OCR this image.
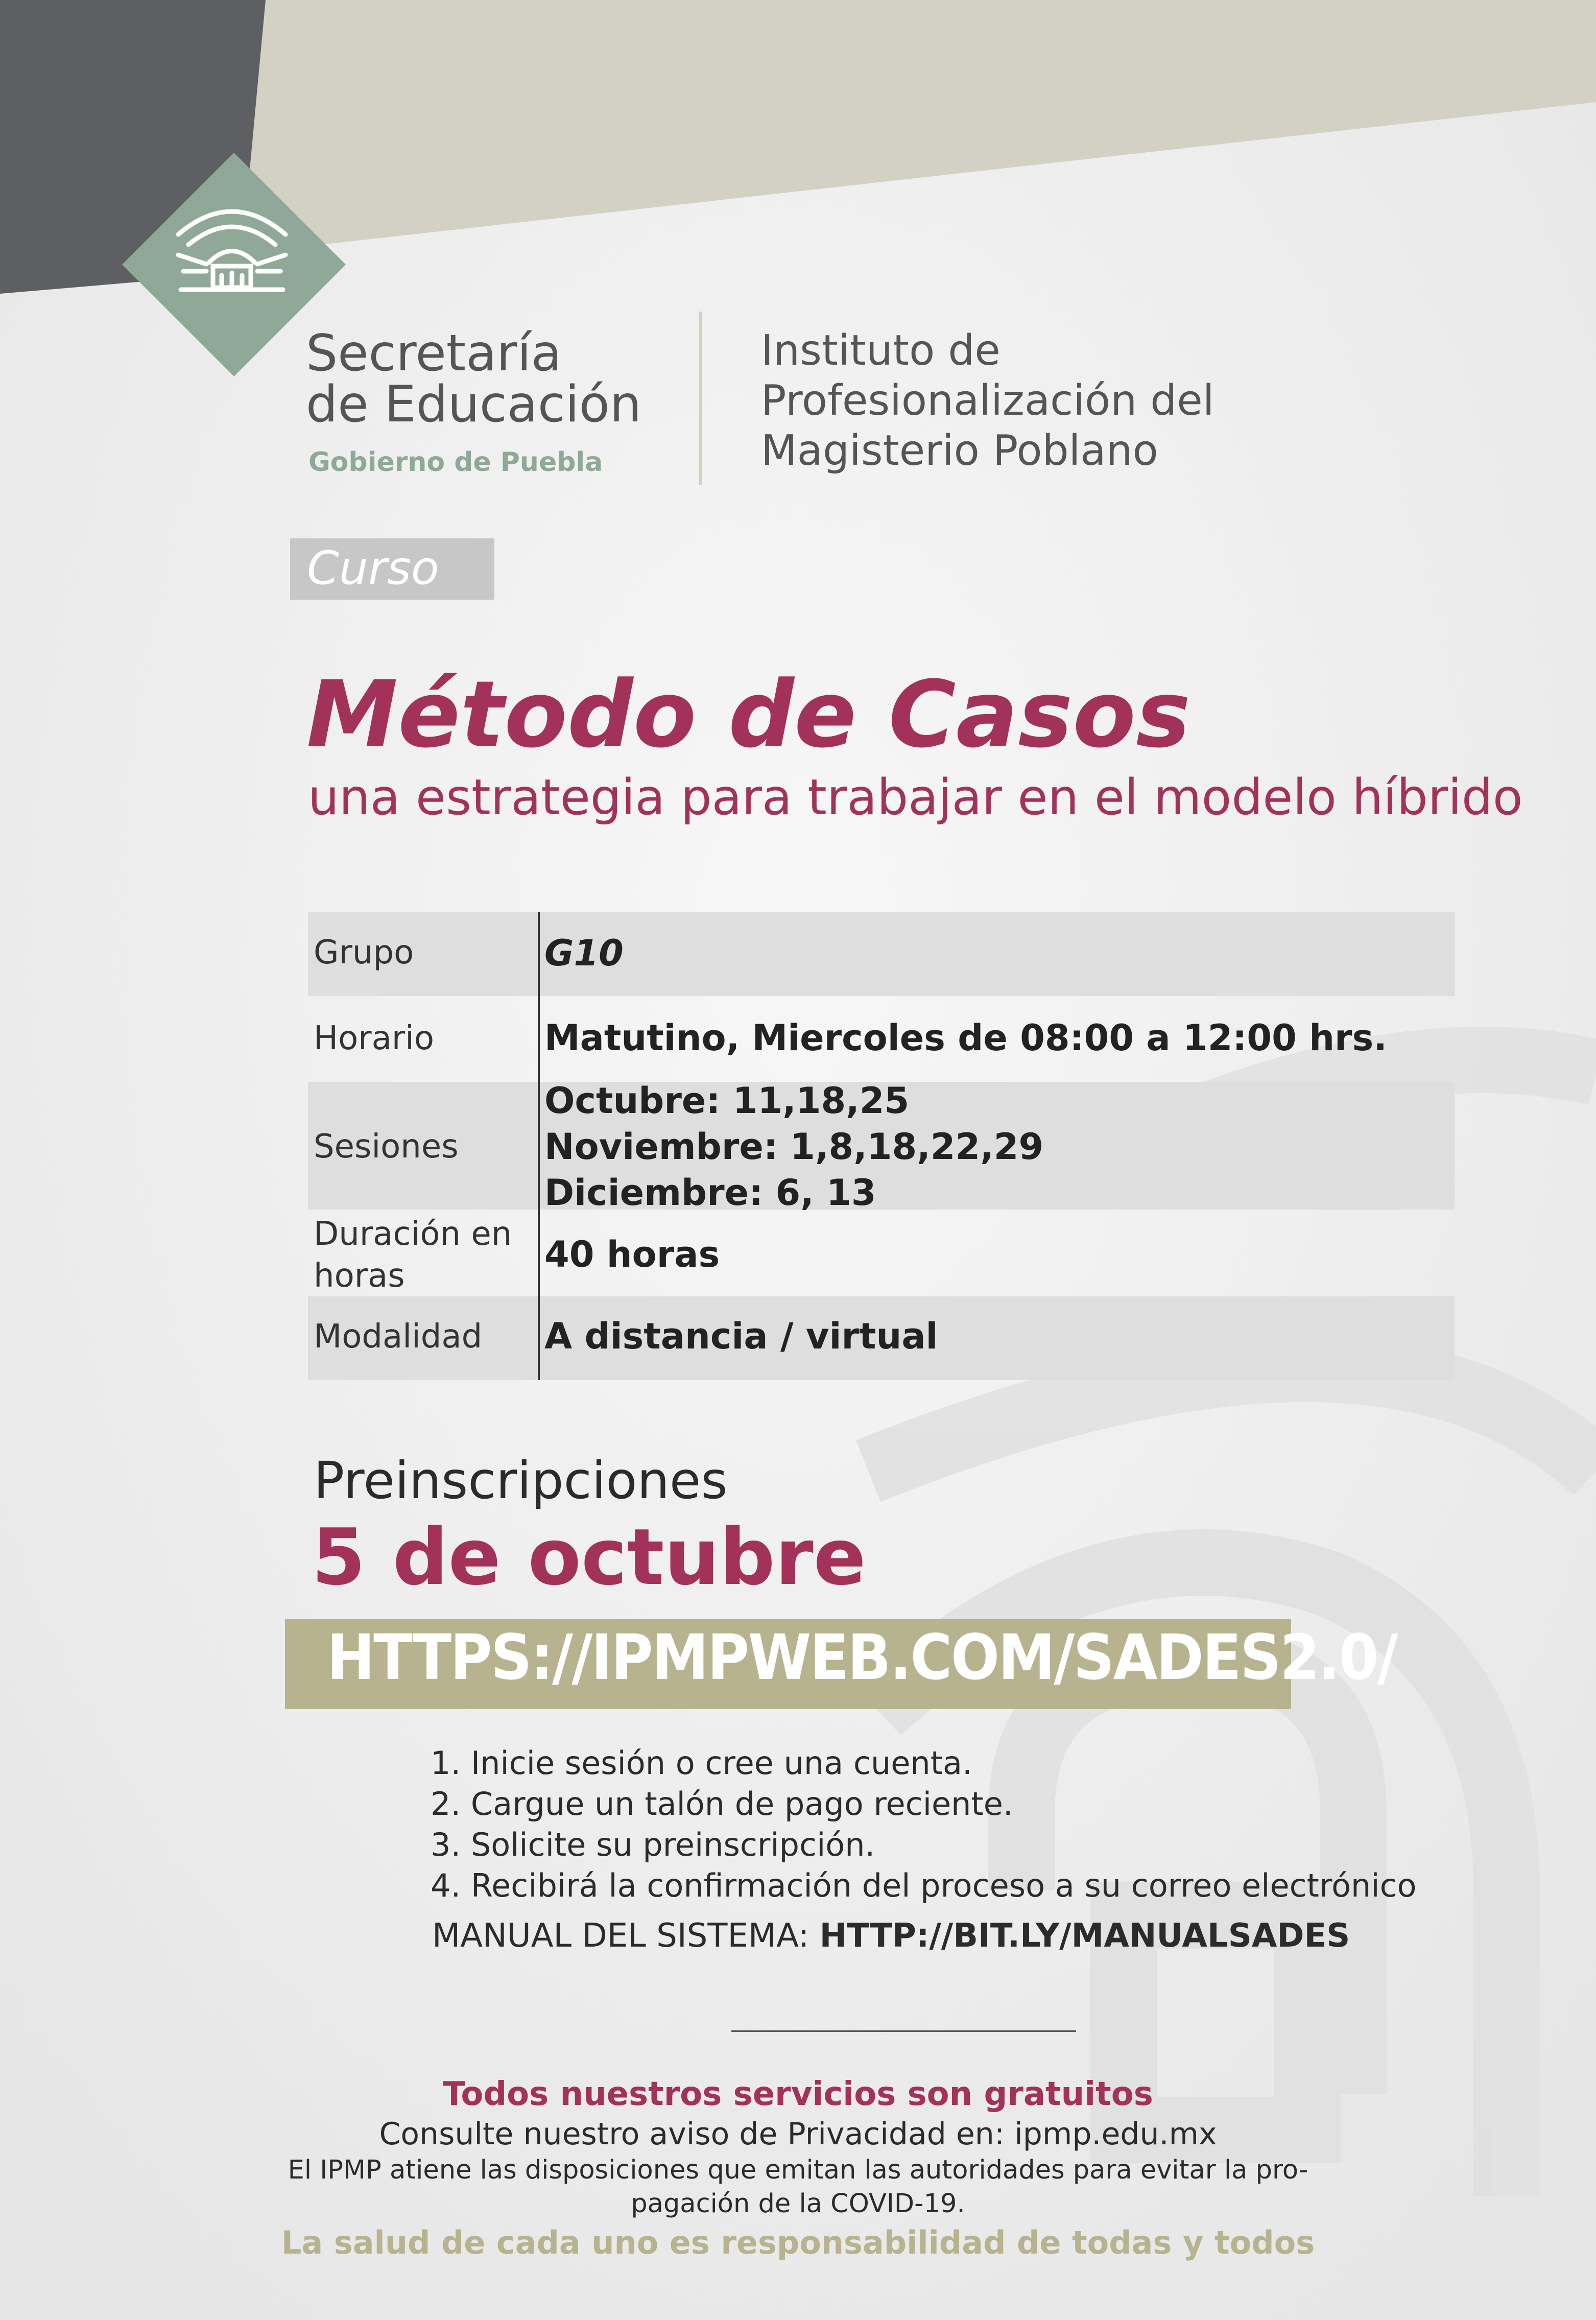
Secretaría
de Educación
Gobierno de Puebla
Instituto de
Profesionalización del
Magisterio Poblano
Curso
Método de Casos
una estrategia para trabajar en el modelo híbrido
Grupo	G10
Horario	Matutino, Miercoles de 08:00 a 12:00 hrs.
Sesiones
Octubre: 11,18,25
Noviembre: 1,8,18,22,29
Diciembre: 6, 13
Duración en
horas
40 horas
Modalidad A distancia / virtual
Preinscripciones
5 de octubre
HTTPS://IPMPWEB.COM/SADES2.0/
1. Inicie sesión o cree una cuenta.
2. Cargue un talón de pago reciente.
3. Solicite su preinscripción.
4. Recibirá la confirmación del proceso a su correo electrónico
MANUAL DEL SISTEMA: HTTP://BIT.LY/MANUALSADES
Todos nuestros servicios son gratuitos
Consulte nuestro aviso de Privacidad en: ipmp.edu.mx
El IPMP atiene las disposiciones que emitan las autoridades para evitar la pro-
pagación de la COVID-19.
La salud de cada uno es responsabilidad de todas y todos
